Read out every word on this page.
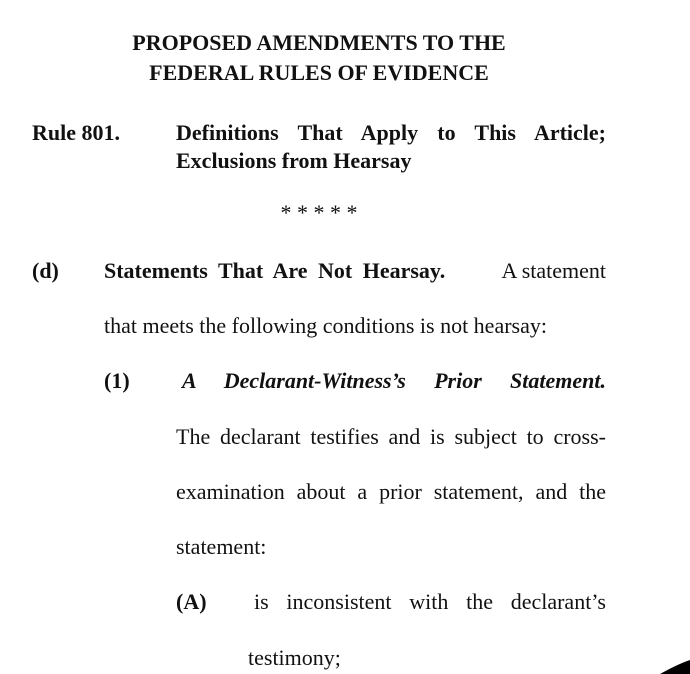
PROPOSED AMENDMENTS TO THE
FEDERAL RULES OF EVIDENCE
Rule 801.	Definitions That Apply to This Article;
Exclusions from Hearsay
* * * * *
(d) Statements That Are Not Hearsay.	A statement
that meets the following conditions is not hearsay:
(1) A Declarant-Witness’s Prior Statement.
The declarant testifies and is subject to cross-
examination about a prior statement, and the
statement:
(A) is inconsistent with the declarant’s
testimony;
